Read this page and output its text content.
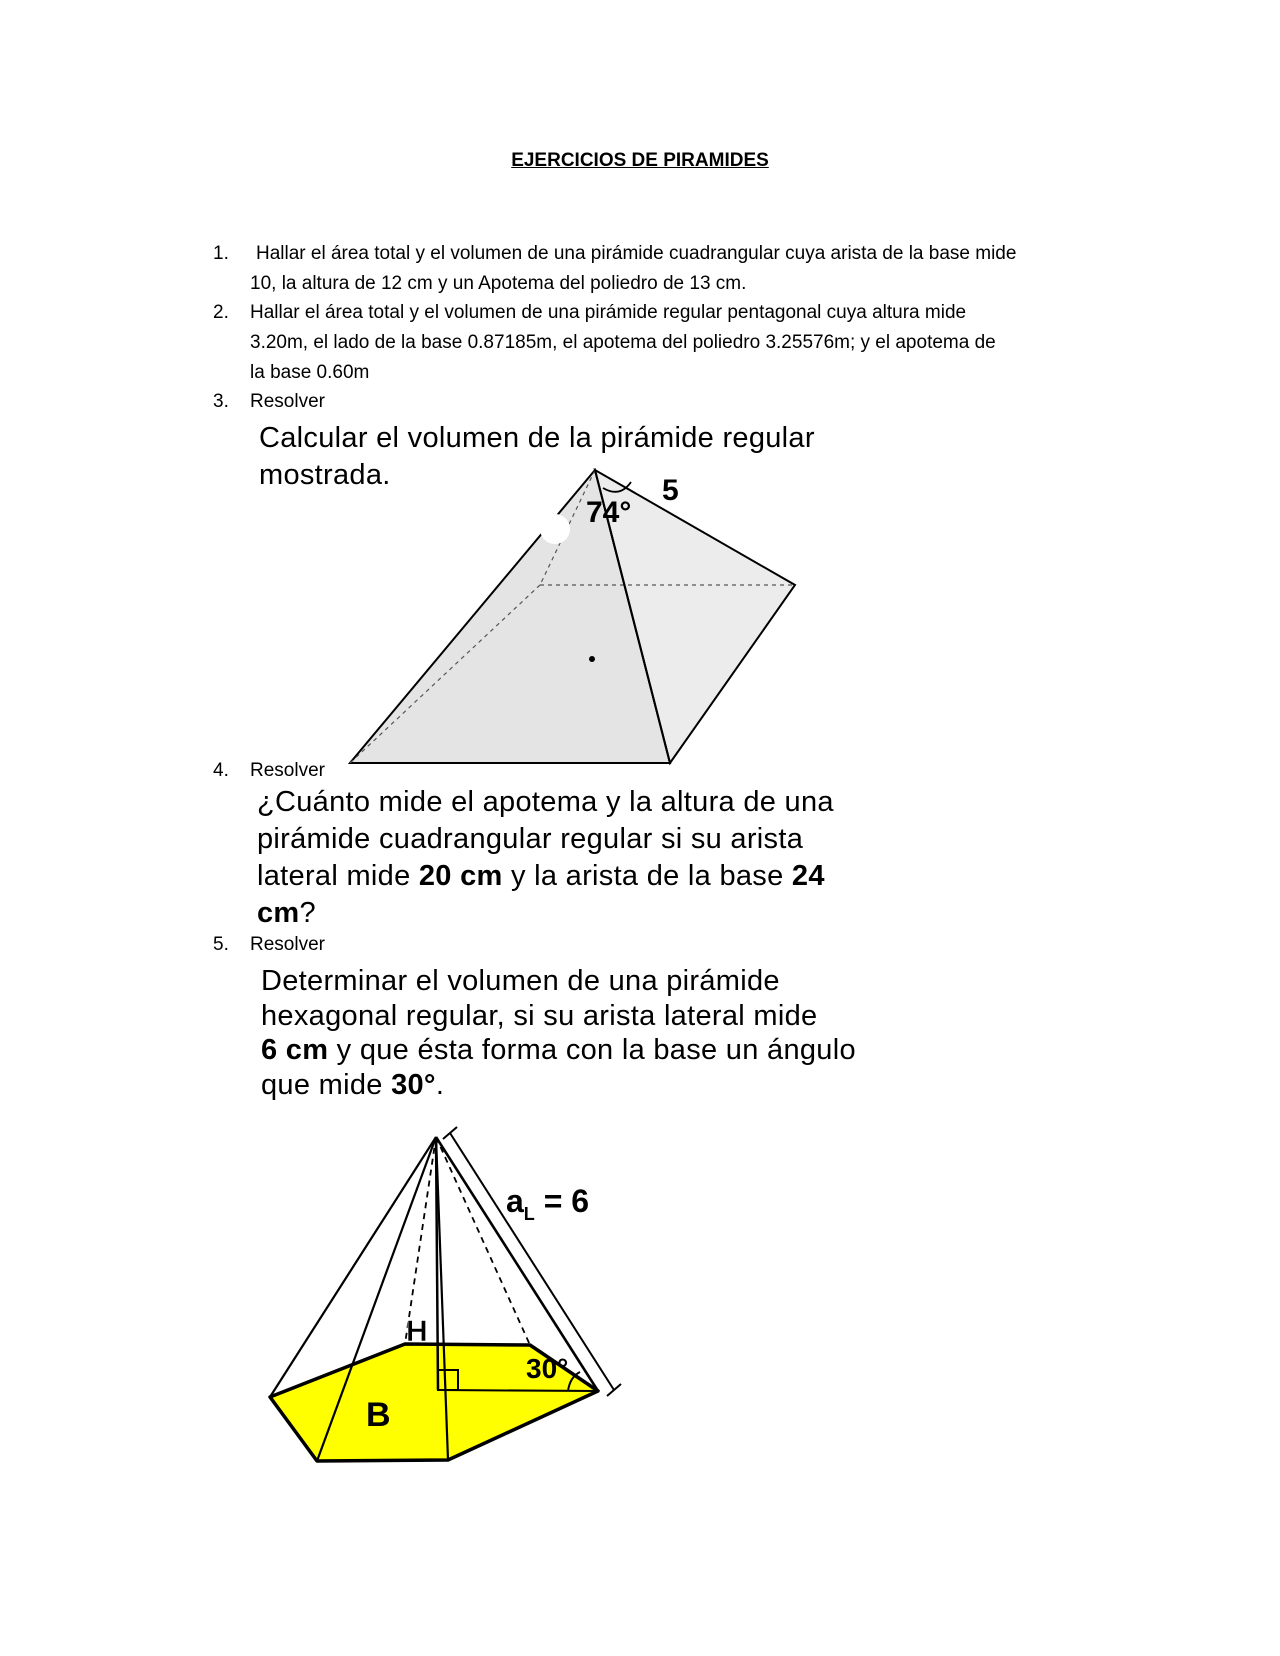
EJERCICIOS DE PIRAMIDES
1. Hallar el área total y el volumen de una pirámide cuadrangular cuya arista de la base mide
10, la altura de 12 cm y un Apotema del poliedro de 13 cm.
2. Hallar el área total y el volumen de una pirámide regular pentagonal cuya altura mide
3.20m, el lado de la base 0.87185m, el apotema del poliedro 3.25576m; y el apotema de
la base 0.60m
3. Resolver
Calcular el volumen de la pirámide regular
mostrada.
74°
5
4. Resolver
¿Cuánto mide el apotema y la altura de una
pirámide cuadrangular regular si su arista
lateral mide 20 cm y la arista de la base 24
cm?
5. Resolver
Determinar el volumen de una pirámide
hexagonal regular, si su arista lateral mide
6 cm y que ésta forma con la base un ángulo
que mide 30°.
$a_L = 6$
H
30°
B
